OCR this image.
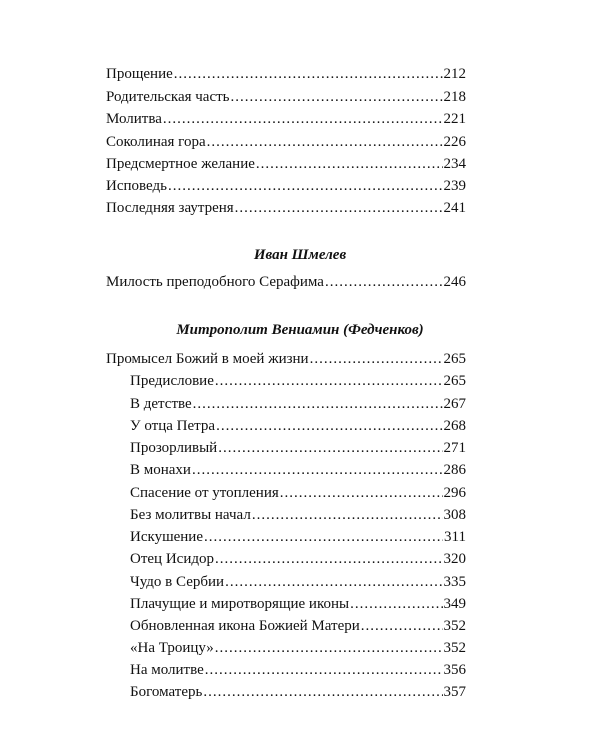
Прощение .....	212
Родительская часть .....	218
Молитва .....	221
Соколиная гора .....	226
Предсмертное желание .....	234
Исповедь .....	239
Последняя заутреня .....	241
Иван Шмелев
Милость преподобного Серафима .....	246
Митрополит Вениамин (Федченков)
Промысел Божий в моей жизни .....	265
Предисловие .....	265
В детстве .....	267
У отца Петра .....	268
Прозорливый .....	271
В монахи .....	286
Спасение от утопления .....	296
Без молитвы начал .....	308
Искушение .....	311
Отец Исидор .....	320
Чудо в Сербии .....	335
Плачущие и миротворящие иконы .....	349
Обновленная икона Божией Матери .....	352
«На Троицу» .....	352
На молитве .....	356
Богоматерь .....	357
